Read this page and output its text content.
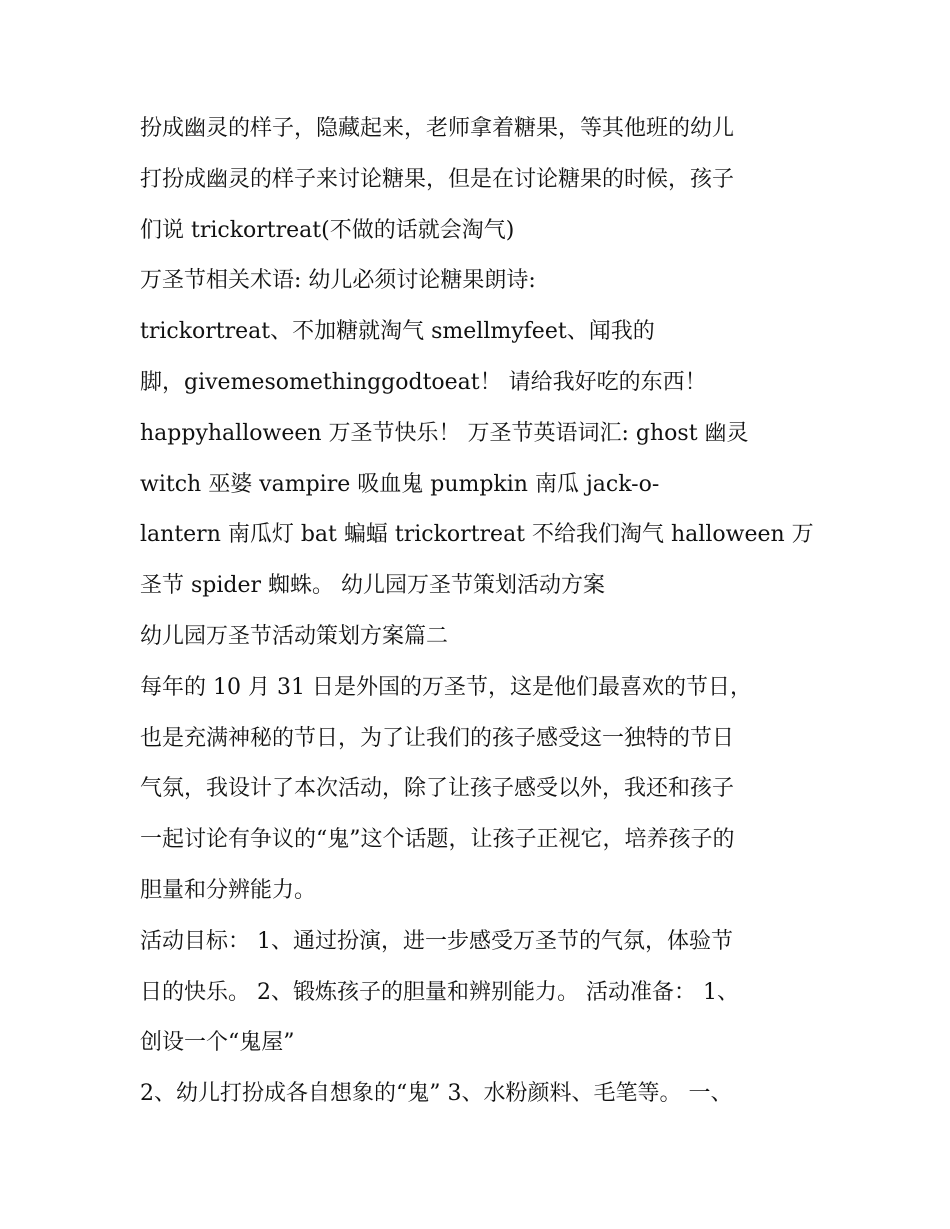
扮成幽灵的样子，隐藏起来，老师拿着糖果，等其他班的幼儿
打扮成幽灵的样子来讨论糖果，但是在讨论糖果的时候，孩子
们说 trickortreat(不做的话就会淘气)
万圣节相关术语: 幼儿必须讨论糖果朗诗:
trickortreat、不加糖就淘气 smellmyfeet、闻我的
脚，givemesomethinggodtoeat！ 请给我好吃的东西！
happyhalloween 万圣节快乐！ 万圣节英语词汇: ghost 幽灵
witch 巫婆 vampire 吸血鬼 pumpkin 南瓜 jack-o-
lantern 南瓜灯 bat 蝙蝠 trickortreat 不给我们淘气 halloween 万
圣节 spider 蜘蛛。 幼儿园万圣节策划活动方案
幼儿园万圣节活动策划方案篇二
每年的 10 月 31 日是外国的万圣节，这是他们最喜欢的节日，
也是充满神秘的节日，为了让我们的孩子感受这一独特的节日
气氛，我设计了本次活动，除了让孩子感受以外，我还和孩子
一起讨论有争议的“鬼”这个话题，让孩子正视它，培养孩子的
胆量和分辨能力。
活动目标： 1、通过扮演，进一步感受万圣节的气氛，体验节
日的快乐。 2、锻炼孩子的胆量和辨别能力。 活动准备： 1、
创设一个“鬼屋”
2、幼儿打扮成各自想象的“鬼” 3、水粉颜料、毛笔等。 一、
